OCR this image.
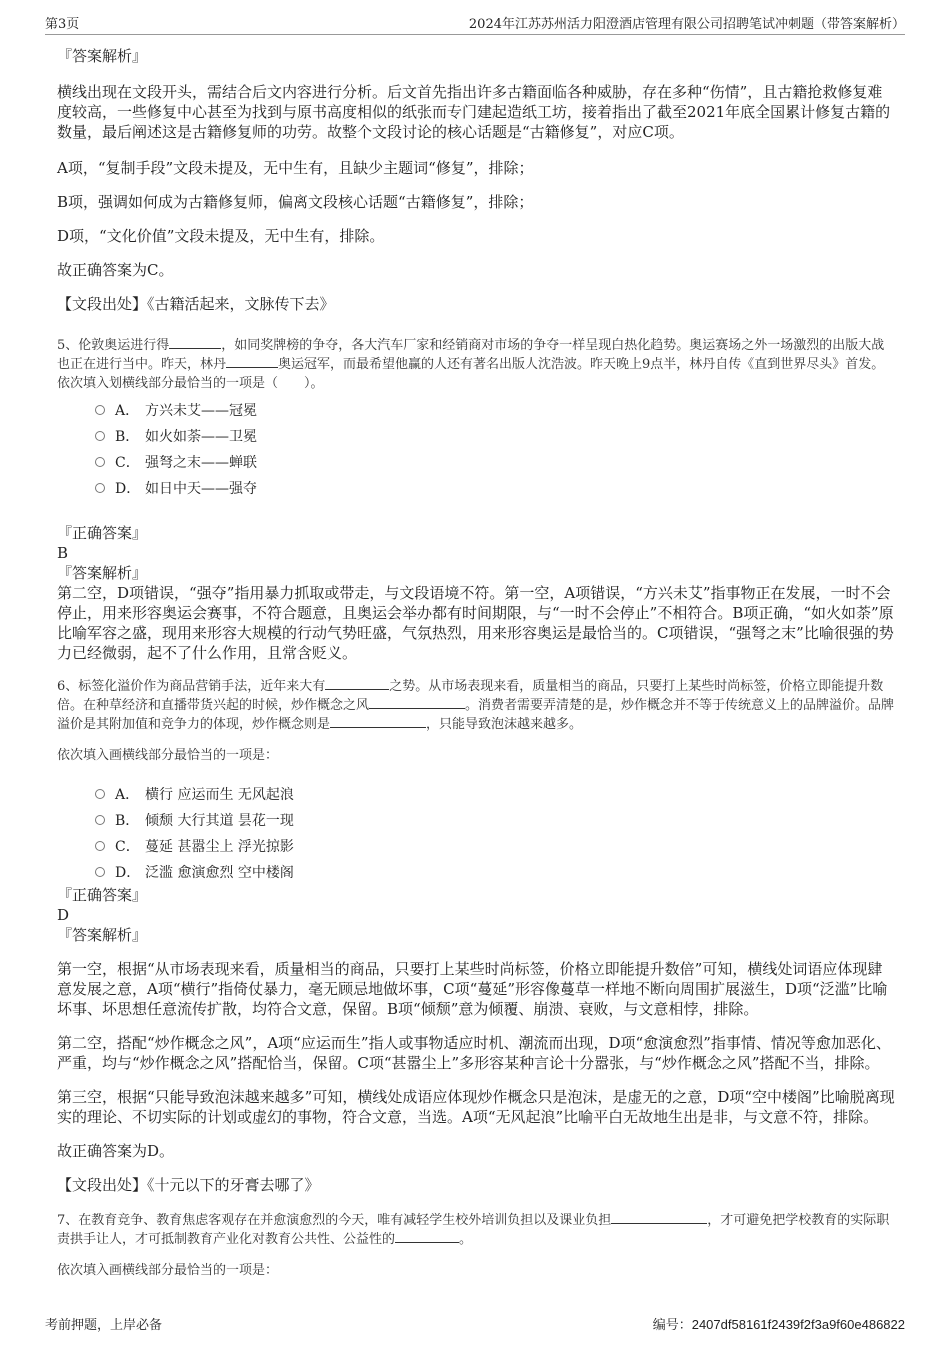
第3页	2024年江苏苏州活力阳澄酒店管理有限公司招聘笔试冲刺题（带答案解析）

『答案解析』

横线出现在文段开头，需结合后文内容进行分析。后文首先指出许多古籍面临各种威胁，存在多种“伤情”，且古籍抢救修复难度较高，一些修复中心甚至为找到与原书高度相似的纸张而专门建起造纸工坊，接着指出了截至2021年底全国累计修复古籍的数量，最后阐述这是古籍修复师的功劳。故整个文段讨论的核心话题是“古籍修复”，对应C项。

A项，“复制手段”文段未提及，无中生有，且缺少主题词“修复”，排除；

B项，强调如何成为古籍修复师，偏离文段核心话题“古籍修复”，排除；

D项，“文化价值”文段未提及，无中生有，排除。

故正确答案为C。

【文段出处】《古籍活起来，文脉传下去》

5、伦敦奥运进行得	，如同奖牌榜的争夺，各大汽车厂家和经销商对市场的争夺一样呈现白热化趋势。奥运赛场之外一场激烈的出版大战也正在进行当中。昨天，林丹	奥运冠军，而最希望他赢的人还有著名出版人沈浩波。昨天晚上9点半，林丹自传《直到世界尽头》首发。

依次填入划横线部分最恰当的一项是（　　）。

A． 方兴未艾——冠冕
B． 如火如荼——卫冕
C． 强弩之末——蝉联
D． 如日中天——强夺

『正确答案』

B

『答案解析』

第二空，D项错误，“强夺”指用暴力抓取或带走，与文段语境不符。第一空，A项错误，“方兴未艾”指事物正在发展，一时不会停止，用来形容奥运会赛事，不符合题意，且奥运会举办都有时间期限，与“一时不会停止”不相符合。B项正确，“如火如荼”原比喻军容之盛，现用来形容大规模的行动气势旺盛，气氛热烈，用来形容奥运是最恰当的。C项错误，“强弩之末”比喻很强的势力已经微弱，起不了什么作用，且常含贬义。

6、标签化溢价作为商品营销手法，近年来大有	之势。从市场表现来看，质量相当的商品，只要打上某些时尚标签，价格立即能提升数倍。在种草经济和直播带货兴起的时候，炒作概念之风	。消费者需要弄清楚的是，炒作概念并不等于传统意义上的品牌溢价。品牌溢价是其附加值和竞争力的体现，炒作概念则是	，只能导致泡沫越来越多。

依次填入画横线部分最恰当的一项是：

A． 横行 应运而生 无风起浪
B． 倾颓 大行其道 昙花一现
C． 蔓延 甚嚣尘上 浮光掠影
D． 泛滥 愈演愈烈 空中楼阁

『正确答案』

D

『答案解析』

第一空，根据“从市场表现来看，质量相当的商品，只要打上某些时尚标签，价格立即能提升数倍”可知，横线处词语应体现肆意发展之意，A项“横行”指倚仗暴力，毫无顾忌地做坏事，C项“蔓延”形容像蔓草一样地不断向周围扩展滋生，D项“泛滥”比喻坏事、坏思想任意流传扩散，均符合文意，保留。B项“倾颓”意为倾覆、崩溃、衰败，与文意相悖，排除。

第二空，搭配“炒作概念之风”，A项“应运而生”指人或事物适应时机、潮流而出现，D项“愈演愈烈”指事情、情况等愈加恶化、严重，均与“炒作概念之风”搭配恰当，保留。C项“甚嚣尘上”多形容某种言论十分嚣张，与“炒作概念之风”搭配不当，排除。

第三空，根据“只能导致泡沫越来越多”可知，横线处成语应体现炒作概念只是泡沫，是虚无的之意，D项“空中楼阁”比喻脱离现实的理论、不切实际的计划或虚幻的事物，符合文意，当选。A项“无风起浪”比喻平白无故地生出是非，与文意不符，排除。

故正确答案为D。

【文段出处】《十元以下的牙膏去哪了》

7、在教育竞争、教育焦虑客观存在并愈演愈烈的今天，唯有减轻学生校外培训负担以及课业负担	，才可避免把学校教育的实际职责拱手让人，才可抵制教育产业化对教育公共性、公益性的	。

依次填入画横线部分最恰当的一项是：

考前押题，上岸必备	编号：2407df58161f2439f2f3a9f60e486822
